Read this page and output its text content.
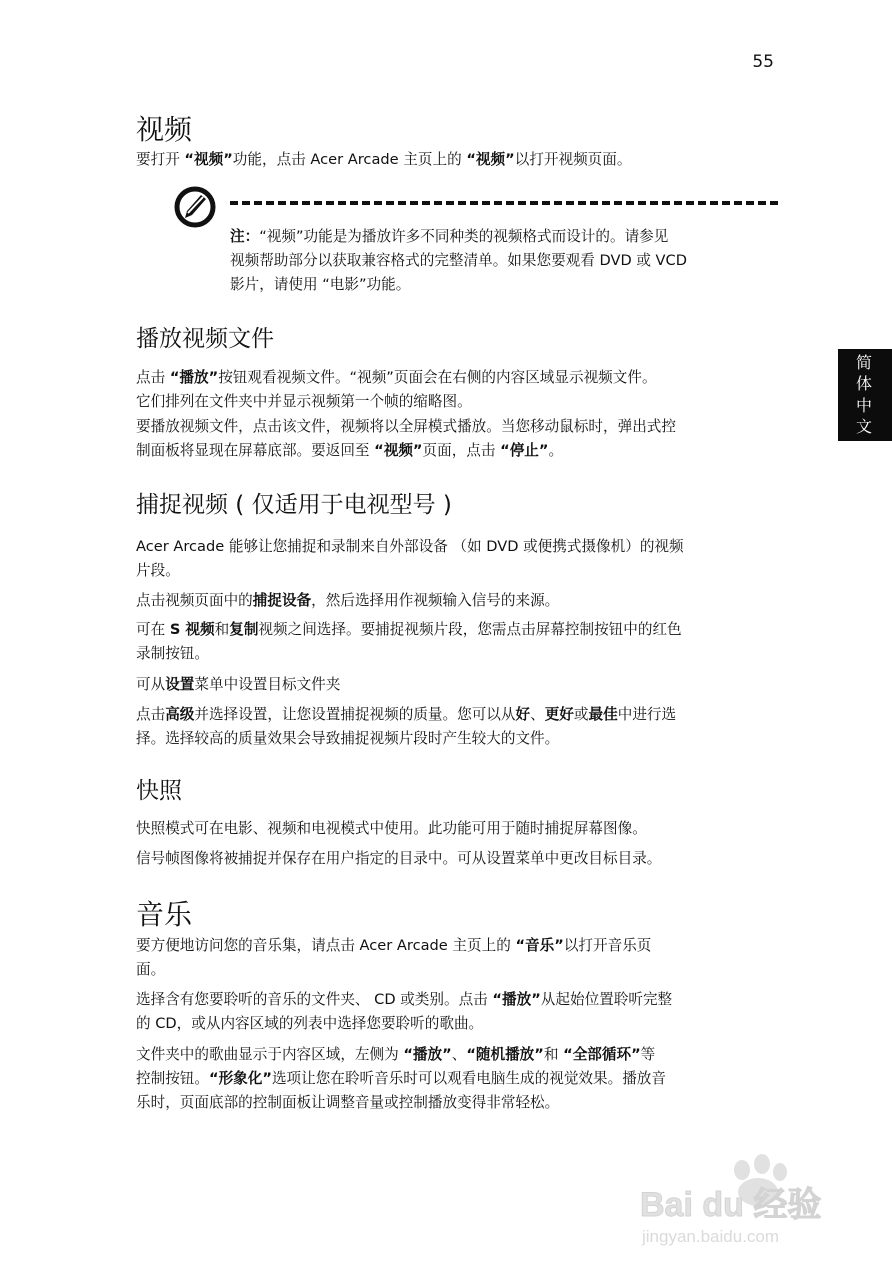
55
简
体
中
文
视频

要打开 “视频”功能，点击 Acer Arcade 主页上的 “视频”以打开视频页面。

注：“视频”功能是为播放许多不同种类的视频格式而设计的。请参见
视频帮助部分以获取兼容格式的完整清单。如果您要观看 DVD 或 VCD
影片，请使用 “电影”功能。

播放视频文件

点击 “播放”按钮观看视频文件。“视频”页面会在右侧的内容区域显示视频文件。
它们排列在文件夹中并显示视频第一个帧的缩略图。

要播放视频文件，点击该文件，视频将以全屏模式播放。当您移动鼠标时，弹出式控
制面板将显现在屏幕底部。要返回至 “视频”页面，点击 “停止”。

捕捉视频 ( 仅适用于电视型号 )

Acer Arcade 能够让您捕捉和录制来自外部设备 （如 DVD 或便携式摄像机）的视频
片段。

点击视频页面中的捕捉设备，然后选择用作视频输入信号的来源。

可在 S 视频和复制视频之间选择。要捕捉视频片段，您需点击屏幕控制按钮中的红色
录制按钮。

可从设置菜单中设置目标文件夹

点击高级并选择设置，让您设置捕捉视频的质量。您可以从好、更好或最佳中进行选
择。选择较高的质量效果会导致捕捉视频片段时产生较大的文件。

快照

快照模式可在电影、视频和电视模式中使用。此功能可用于随时捕捉屏幕图像。

信号帧图像将被捕捉并保存在用户指定的目录中。可从设置菜单中更改目标目录。

音乐

要方便地访问您的音乐集，请点击 Acer Arcade 主页上的 “音乐”以打开音乐页
面。

选择含有您要聆听的音乐的文件夹、 CD 或类别。点击 “播放”从起始位置聆听完整
的 CD，或从内容区域的列表中选择您要聆听的歌曲。

文件夹中的歌曲显示于内容区域，左侧为 “播放”、“随机播放”和 “全部循环”等
控制按钮。“形象化”选项让您在聆听音乐时可以观看电脑生成的视觉效果。播放音
乐时，页面底部的控制面板让调整音量或控制播放变得非常轻松。

Bai du 经验
jingyan.baidu.com
